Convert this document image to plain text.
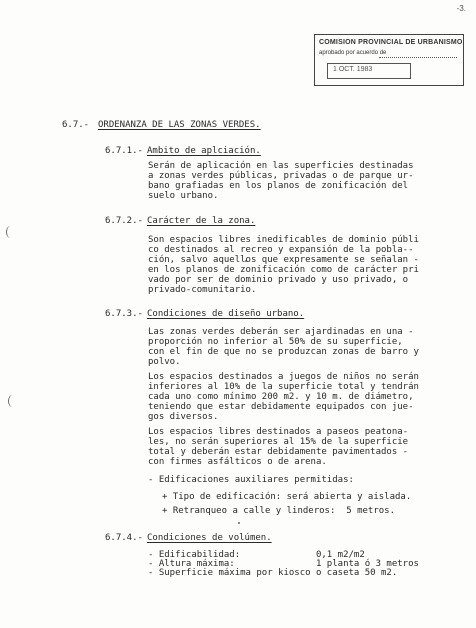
-3.
COMISION PROVINCIAL DE URBANISMO
aprobado por acuerdo de
1 OCT. 1983
6.7.- ORDENANZA DE LAS ZONAS VERDES.
6.7.1.- Ambito de aplciación.
Serán de aplicación en las superficies destinadas
a zonas verdes públicas, privadas o de parque ur-
bano grafiadas en los planos de zonificación del
suelo urbano.
6.7.2.- Carácter de la zona.
Son espacios libres inedificables de dominio públi
co destinados al recreo y expansión de la pobla--
ción, salvo aquellos que expresamente se señalan -
en los planos de zonificación como de carácter pri
vado por ser de dominio privado y uso privado, o
privado-comunitario.
6.7.3.- Condiciones de diseño urbano.
Las zonas verdes deberán ser ajardinadas en una -
proporción no inferior al 50% de su superficie,
con el fin de que no se produzcan zonas de barro y
polvo.
Los espacios destinados a juegos de niños no serán
inferiores al 10% de la superficie total y tendrán
cada uno como mínimo 200 m2. y 10 m. de diámetro,
teniendo que estar debidamente equipados con jue-
gos diversos.
Los espacios libres destinados a paseos peatona-
les, no serán superiores al 15% de la superficie
total y deberán estar debidamente pavimentados -
con firmes asfálticos o de arena.
- Edificaciones auxiliares permitidas:
+ Tipo de edificación: será abierta y aislada.
+ Retranqueo a calle y linderos:  5 metros.
6.7.4.- Condiciones de volúmen.
- Edificabilidad:              0,1 m2/m2
- Altura máxima:               1 planta ó 3 metros
- Superficie máxima por kiosco o caseta 50 m2.
